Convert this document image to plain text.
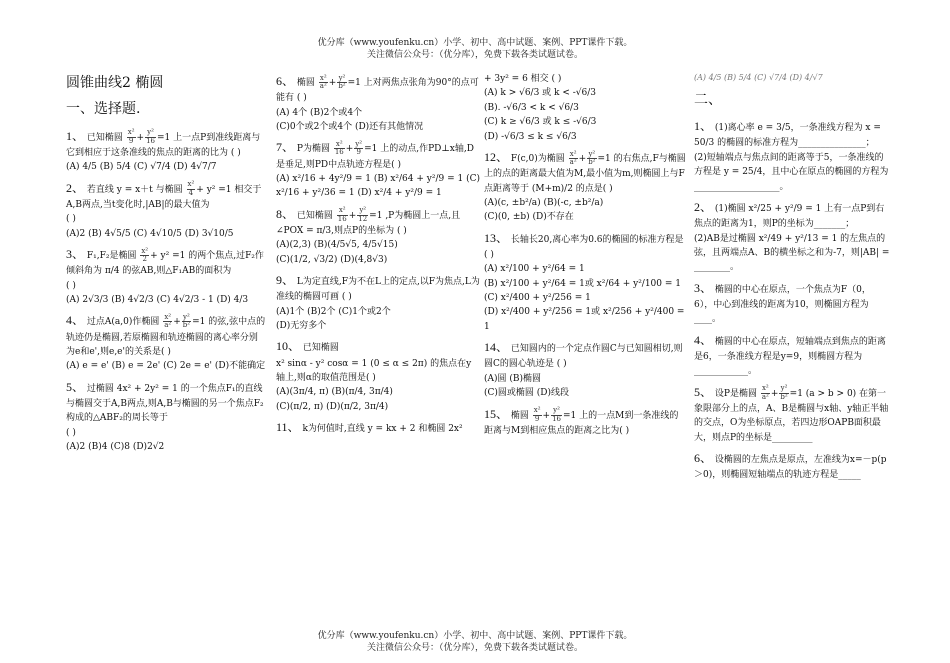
优分库（www.youfenku.cn）小学、初中、高中试题、案例、PPT课件下载。
关注微信公众号：（优分库），免费下载各类试题试卷。
圆锥曲线2 椭圆
一、选择题.
1、 已知椭圆 $\frac{\text{x²}}{9} + \frac{\text{y²}}{16} =1$ 上一点P到准线距离与它到相应于这条准线的焦点的距离的比为 ( )
(A) 4/5 (B) 5/4 (C) √7/4 (D) 4√7/7
2、 若直线 y = x＋t 与椭圆 $\frac{\text{x²}}{4} + y^2 =1$ 相交于A,B两点,当t变化时,|AB|的最大值为
( )
(A)2 (B) 4√5/5 (C) 4√10/5 (D) 3√10/5
3、 F₁,F₂是椭圆 $\frac{\text{x²}}{2} + y^2 =1$ 的两个焦点,过F₂作倾斜角为 π/4 的弦AB,则△F₁AB的面积为
( )
(A) 2√3/3 (B) 4√2/3 (C) 4√2/3 - 1 (D) 4/3
4、 过点A(a,0)作椭圆 $\frac{\text{x²}}{\text{a²}} + \frac{\text{y²}}{\text{b²}} =1$ 的弦,弦中点的轨迹仍是椭圆,若原椭圆和轨迹椭圆的离心率分别为e和e',则e,e'的关系是( )
(A) e = e' (B) e = 2e' (C) 2e = e' (D)不能确定
5、 过椭圆 4x² + 2y² = 1 的一个焦点F₁的直线与椭圆交于A,B两点,则A,B与椭圆的另一个焦点F₂构成的△ABF₂的周长等于
( )
(A)2 (B)4 (C)8 (D)2√2
6、 椭圆 $\frac{\text{x²}}{\text{a²}} + \frac{\text{y²}}{\text{b²}} =1$ 上对两焦点张角为90°的点可能有 ( )
(A) 4个 (B)2个或4个
(C)0个或2个或4个 (D)还有其他情况
7、 P为椭圆 $\frac{\text{x²}}{16} + \frac{\text{y²}}{9} =1$ 上的动点,作PD⊥x轴,D是垂足,则PD中点轨迹方程是( )
(A) x²/16 + 4y²/9 = 1 (B) x²/64 + y²/9 = 1 (C)
x²/16 + y²/36 = 1 (D) x²/4 + y²/9 = 1
8、 已知椭圆 $\frac{\text{x²}}{16} + \frac{\text{y²}}{12} =1$ ,P为椭圆上一点,且∠POX = π/3,则点P的坐标为 ( )
(A)(2,3) (B)(4/5√5, 4/5√15)
(C)(1/2, √3/2) (D)(4,8√3)
9、 L为定直线,F为不在L上的定点,以F为焦点,L为准线的椭圆可画 ( )
(A)1个 (B)2个 (C)1个或2个
(D)无穷多个
10、 已知椭圆
x² sinα - y² cosα = 1 (0 ≤ α ≤ 2π) 的焦点在y轴上,则α的取值范围是( )
(A)(3π/4, π) (B)(π/4, 3π/4)
(C)(π/2, π) (D)(π/2, 3π/4)
11、 k为何值时,直线 y = kx + 2 和椭圆 2x²
+ 3y² = 6 相交 ( )
(A) k > √6/3 或 k < -√6/3
(B). -√6/3 < k < √6/3
(C) k ≥ √6/3 或 k ≤ -√6/3
(D) -√6/3 ≤ k ≤ √6/3
12、 F(c,0)为椭圆 $\frac{\text{x²}}{\text{a²}} + \frac{\text{y²}}{\text{b²}} =1$ 的右焦点,F与椭圆上的点的距离最大值为M,最小值为m,则椭圆上与F点距离等于 (M+m)/2 的点是( )
(A)(c, ±b²/a) (B)(-c, ±b²/a)
(C)(0, ±b) (D)不存在
13、 长轴长20,离心率为0.6的椭圆的标准方程是( )
(A) x²/100 + y²/64 = 1
(B) x²/100 + y²/64 = 1或 x²/64 + y²/100 = 1
(C) x²/400 + y²/256 = 1
(D) x²/400 + y²/256 = 1或 x²/256 + y²/400 = 1
14、 已知圆内的一个定点作圆C与已知圆相切,则圆C的圆心轨迹是 ( )
(A)圆 (B)椭圆
(C)圆或椭圆 (D)线段
15、 椭圆 $\frac{\text{x²}}{9} + \frac{\text{y²}}{16} =1$ 上的一点M到一条准线的距离与M到相应焦点的距离之比为( )
(A) 4/5 (B) 5/4 (C) √7/4 (D) 4/√7
二、
1、 (1)离心率 e = 3/5，一条准线方程为 x = 50/3 的椭圆的标准方程为_______________；
(2)短轴端点与焦点间的距离等于5，一条准线的方程是 y = 25/4，且中心在原点的椭圆的方程为___________________。
2、 (1)椭圆 x²/25 + y²/9 = 1 上有一点P到右焦点的距离为1，则P的坐标为_______；
(2)AB是过椭圆 x²/49 + y²/13 = 1 的左焦点的弦，且两端点A、B的横坐标之和为-7，则|AB| = ________。
3、 椭圆的中心在原点，一个焦点为F（0，6），中心到准线的距离为10，则椭圆方程为____。
4、 椭圆的中心在原点，短轴端点到焦点的距离是6，一条准线方程是y=9，则椭圆方程为____________。
5、 设P是椭圆 $\frac{\text{x²}}{\text{a²}} + \frac{\text{y²}}{\text{b²}} =1$ (a > b > 0) 在第一象限部分上的点，A、B是椭圆与x轴、y轴正半轴的交点，O为坐标原点，若四边形OAPB面积最大，则点P的坐标是_________
6、 设椭圆的左焦点是原点，左准线为x=－p(p＞0)，则椭圆短轴端点的轨迹方程是_____
优分库（www.youfenku.cn）小学、初中、高中试题、案例、PPT课件下载。
关注微信公众号：（优分库），免费下载各类试题试卷。
